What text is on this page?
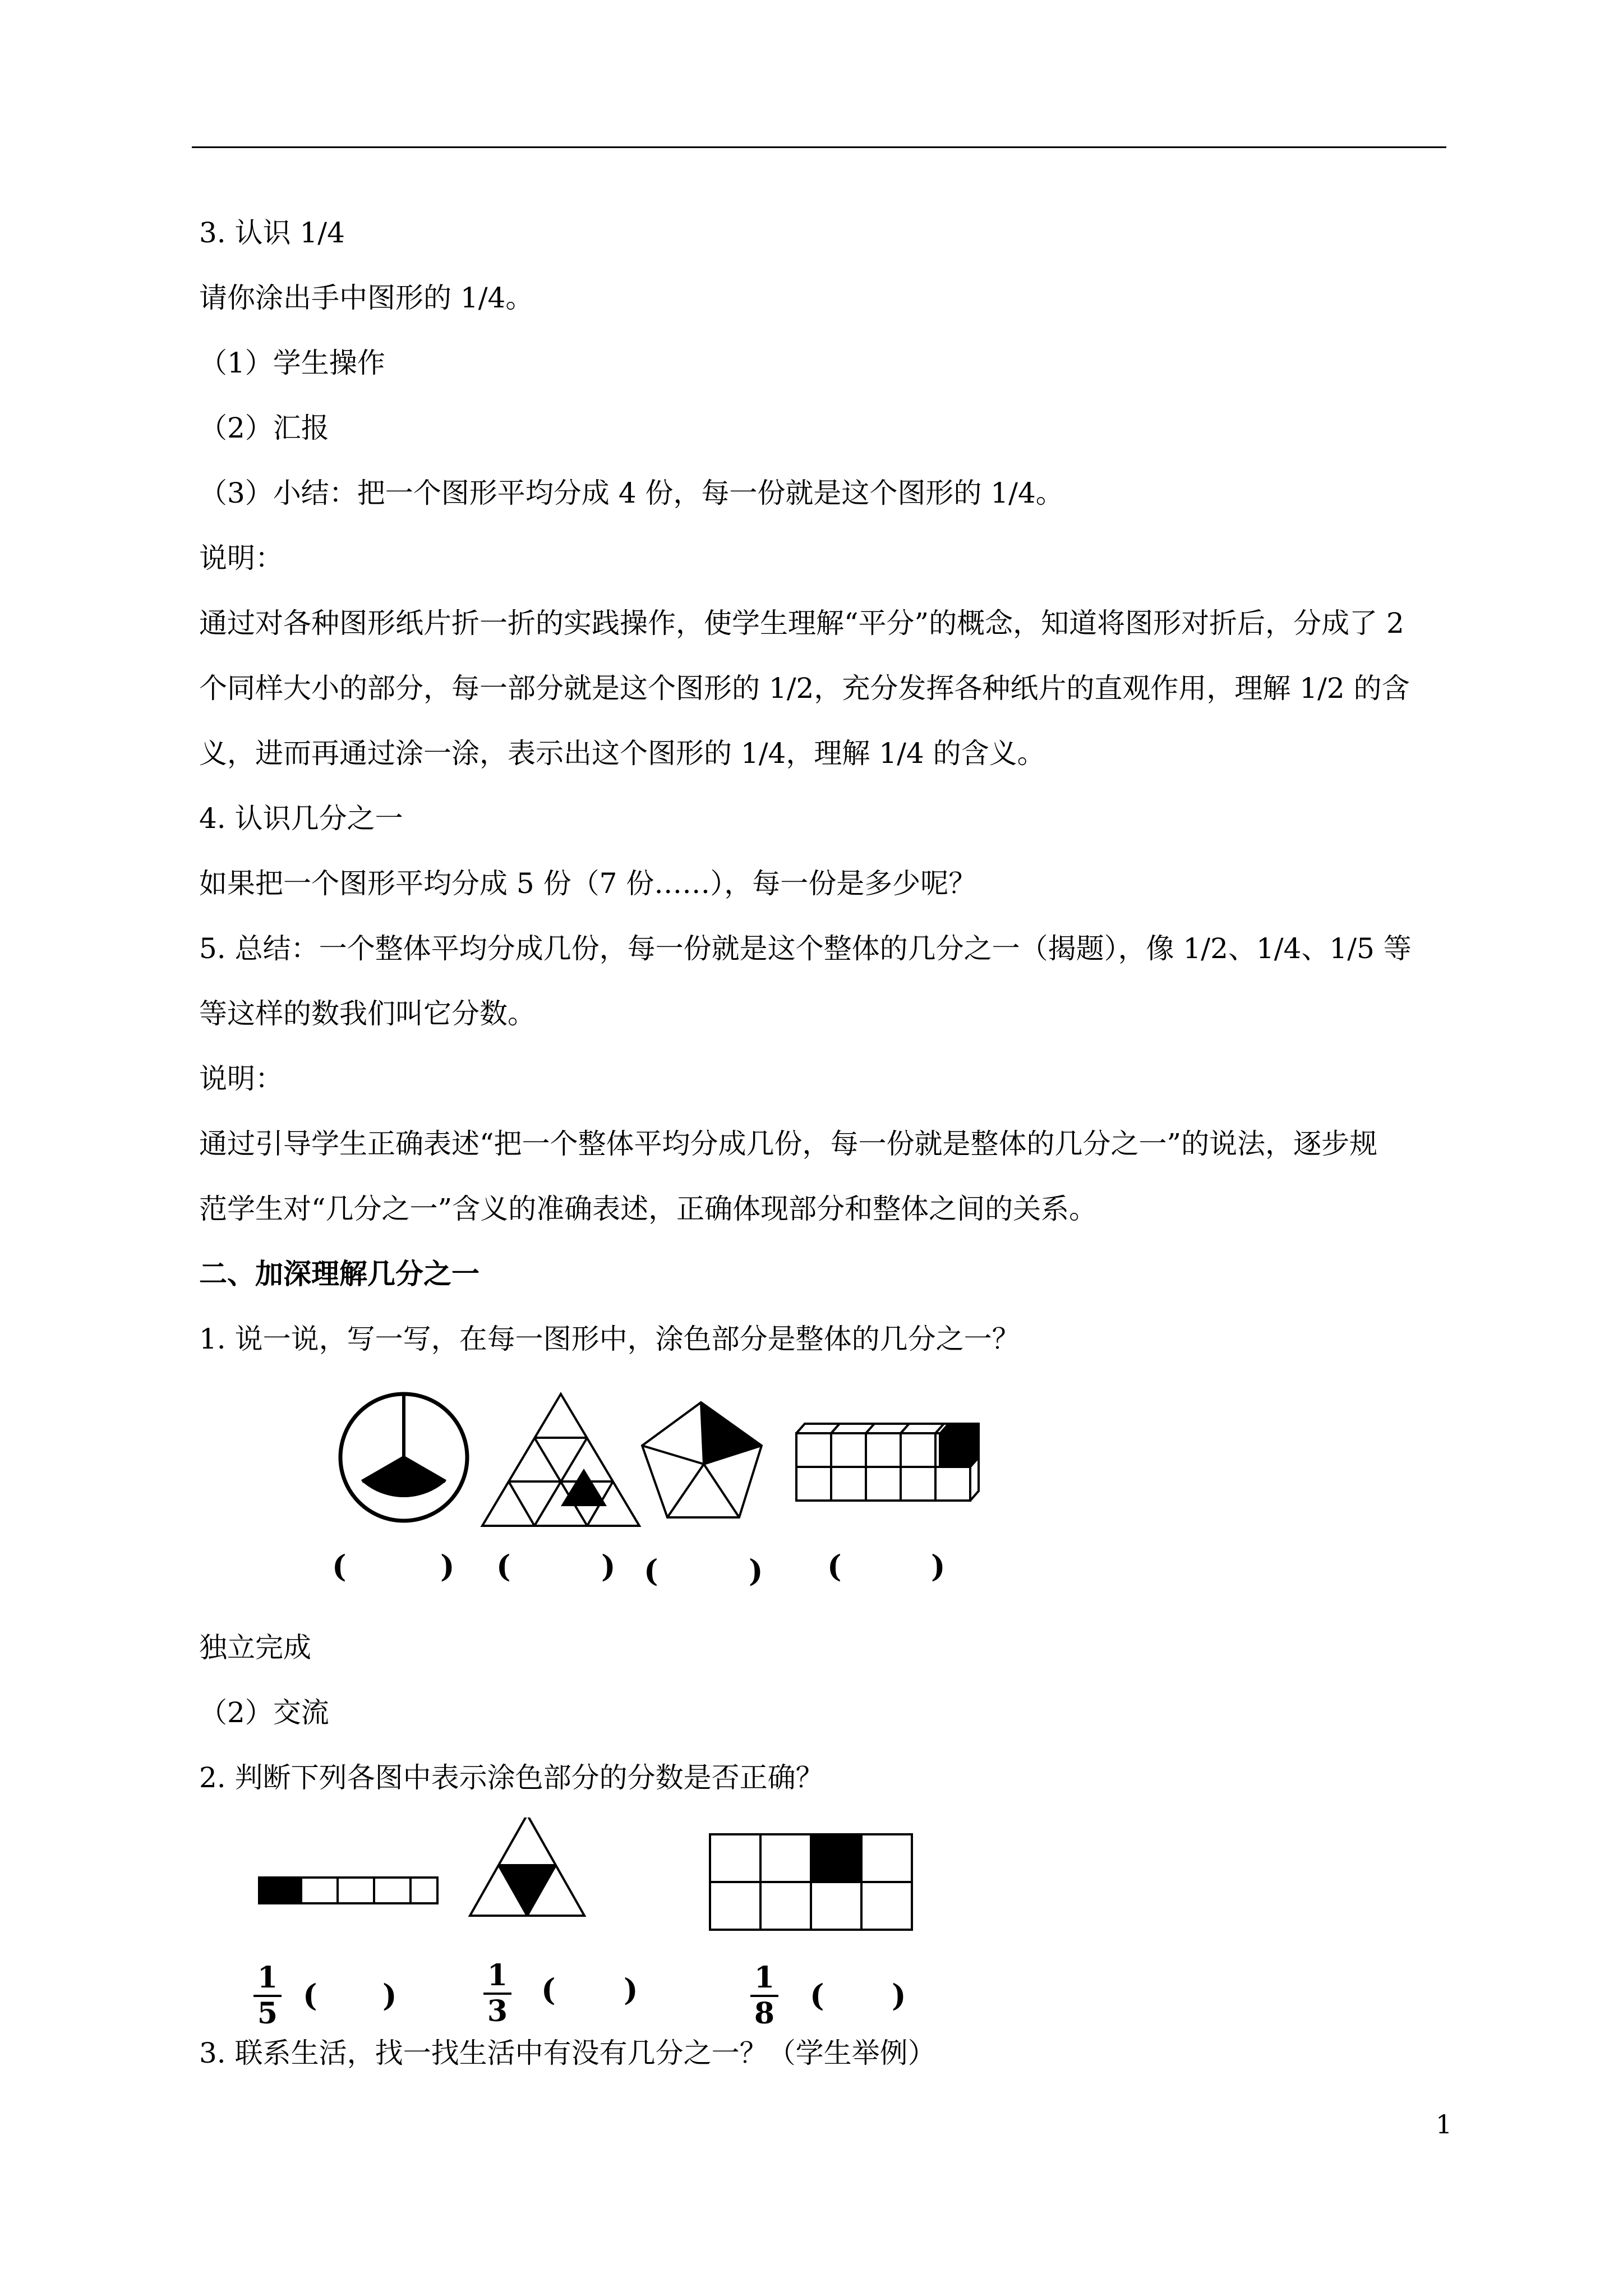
3. 认识 1/4
请你涂出手中图形的 1/4。
（1）学生操作
（2）汇报
（3）小结：把一个图形平均分成 4 份，每一份就是这个图形的 1/4。
说明：
通过对各种图形纸片折一折的实践操作，使学生理解“平分”的概念，知道将图形对折后，分成了 2
个同样大小的部分，每一部分就是这个图形的 1/2，充分发挥各种纸片的直观作用，理解 1/2 的含
义，进而再通过涂一涂，表示出这个图形的 1/4，理解 1/4 的含义。
4. 认识几分之一
如果把一个图形平均分成 5 份（7 份……），每一份是多少呢？
5. 总结：一个整体平均分成几份，每一份就是这个整体的几分之一（揭题），像 1/2、1/4、1/5 等
等这样的数我们叫它分数。
说明：
通过引导学生正确表述“把一个整体平均分成几份，每一份就是整体的几分之一”的说法，逐步规
范学生对“几分之一”含义的准确表述，正确体现部分和整体之间的关系。
二、加深理解几分之一
1. 说一说，写一写，在每一图形中，涂色部分是整体的几分之一？
(	) (	) (	) (	)
独立完成
（2）交流
2. 判断下列各图中表示涂色部分的分数是否正确？
1
5
( )
1
3
( )	1
8
( )
3. 联系生活，找一找生活中有没有几分之一？（学生举例）
1
